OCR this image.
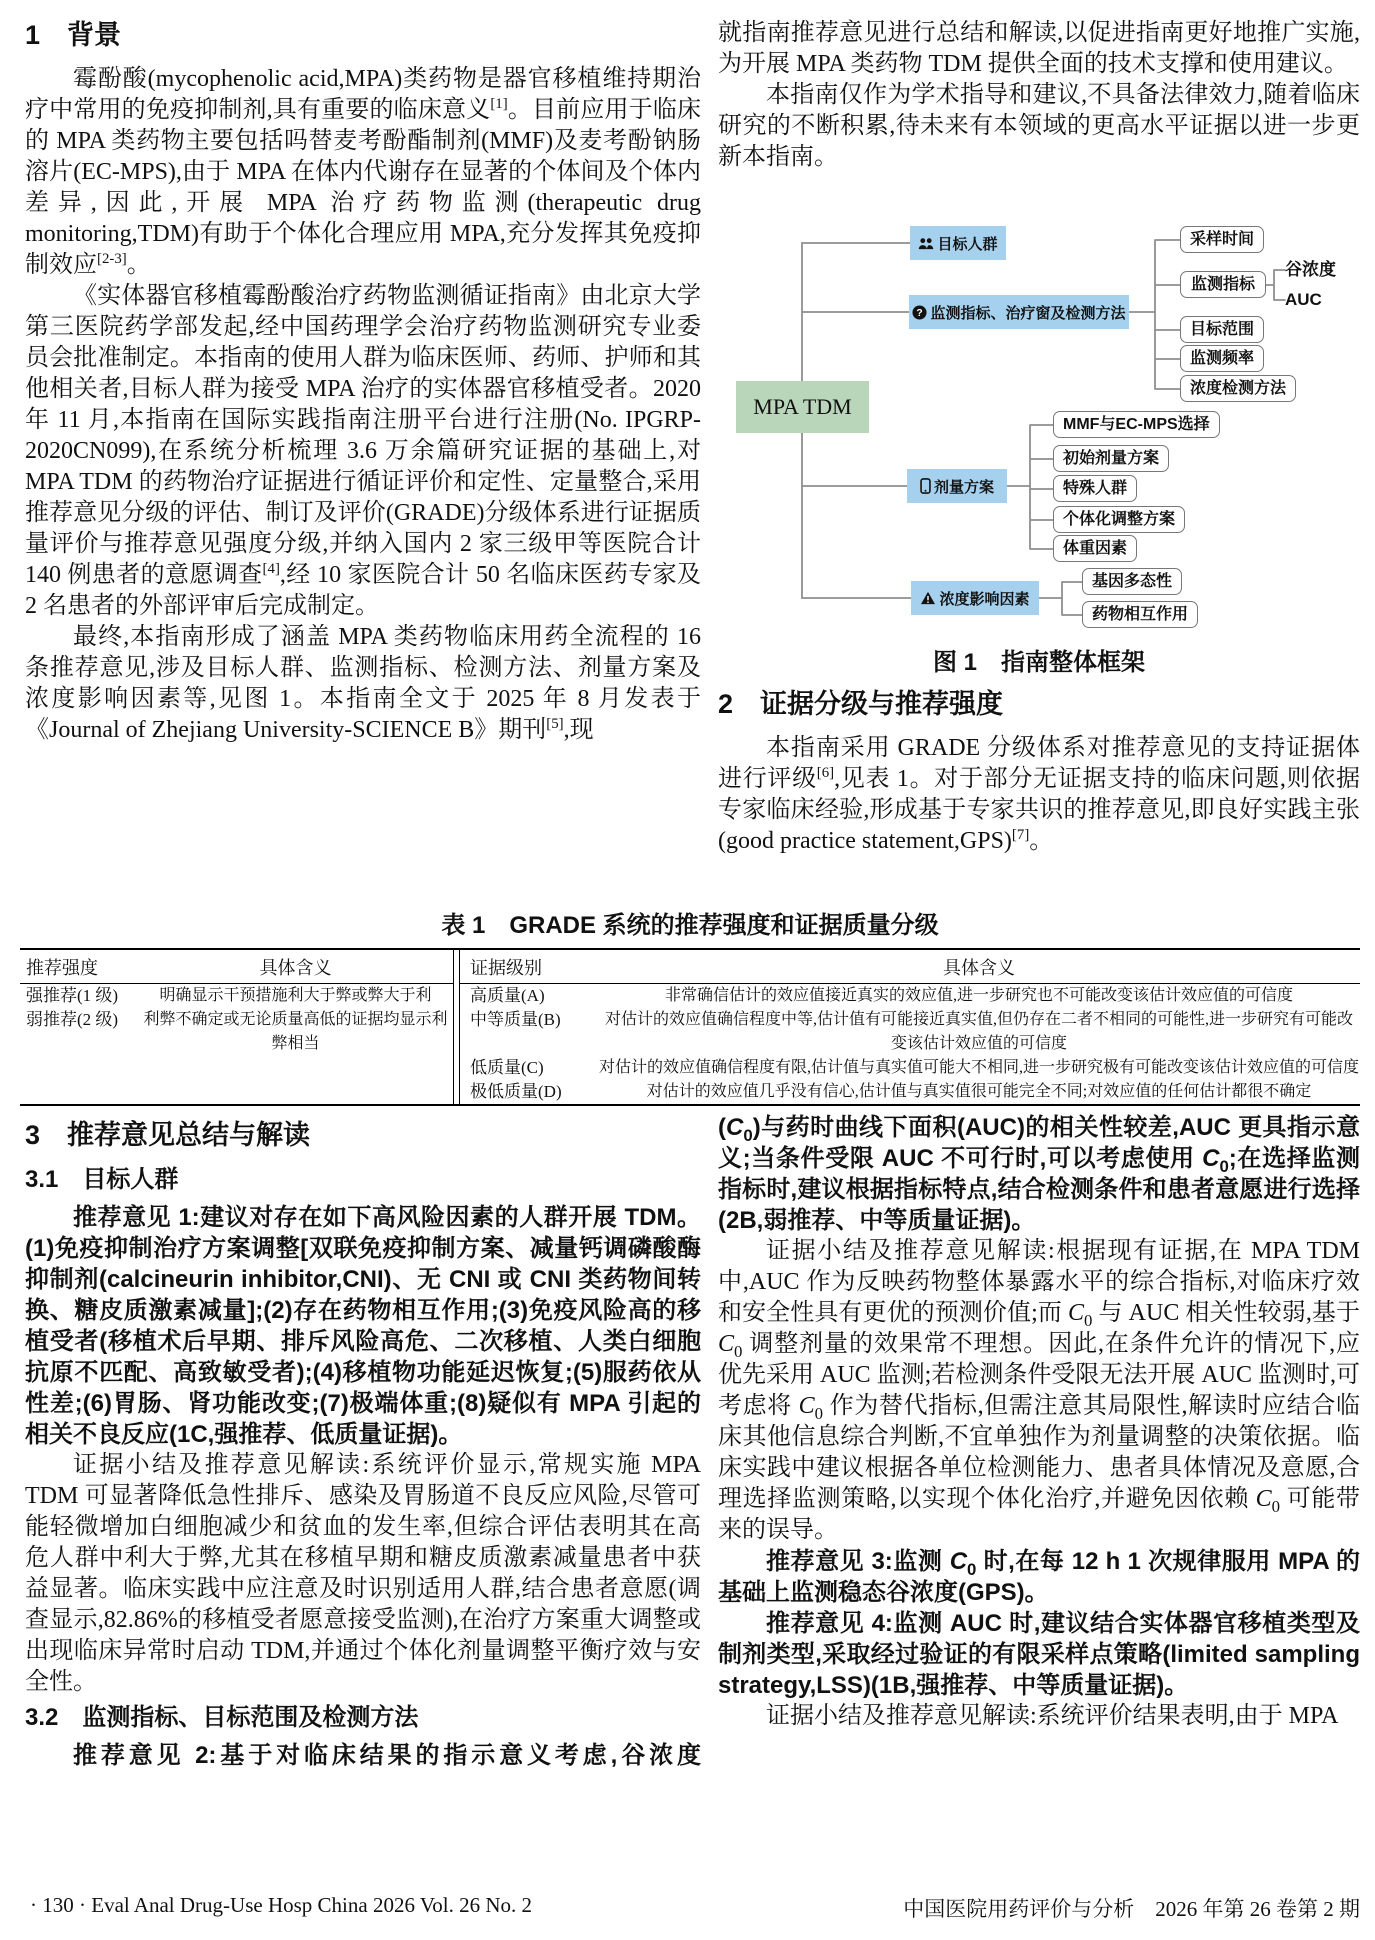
1　背景

霉酚酸(mycophenolic acid,MPA)类药物是器官移植维持期治疗中常用的免疫抑制剂,具有重要的临床意义[1]。目前应用于临床的 MPA 类药物主要包括吗替麦考酚酯制剂(MMF)及麦考酚钠肠溶片(EC-MPS),由于 MPA 在体内代谢存在显著的个体间及个体内差异,因此,开展 MPA 治疗药物监测(therapeutic drug monitoring,TDM)有助于个体化合理应用 MPA,充分发挥其免疫抑制效应[2-3]。

《实体器官移植霉酚酸治疗药物监测循证指南》由北京大学第三医院药学部发起,经中国药理学会治疗药物监测研究专业委员会批准制定。本指南的使用人群为临床医师、药师、护师和其他相关者,目标人群为接受 MPA 治疗的实体器官移植受者。2020 年 11 月,本指南在国际实践指南注册平台进行注册(No. IPGRP-2020CN099),在系统分析梳理 3.6 万余篇研究证据的基础上,对 MPA TDM 的药物治疗证据进行循证评价和定性、定量整合,采用推荐意见分级的评估、制订及评价(GRADE)分级体系进行证据质量评价与推荐意见强度分级,并纳入国内 2 家三级甲等医院合计 140 例患者的意愿调查[4],经 10 家医院合计 50 名临床医药专家及 2 名患者的外部评审后完成制定。

最终,本指南形成了涵盖 MPA 类药物临床用药全流程的 16 条推荐意见,涉及目标人群、监测指标、检测方法、剂量方案及浓度影响因素等,见图 1。本指南全文于 2025 年 8 月发表于《Journal of Zhejiang University-SCIENCE B》期刊[5],现

就指南推荐意见进行总结和解读,以促进指南更好地推广实施,为开展 MPA 类药物 TDM 提供全面的技术支撑和使用建议。

本指南仅作为学术指导和建议,不具备法律效力,随着临床研究的不断积累,待未来有本领域的更高水平证据以进一步更新本指南。

MPA TDM
目标人群
? 监测指标、治疗窗及检测方法
剂量方案
浓度影响因素
采样时间
监测指标
目标范围
监测频率
浓度检测方法
谷浓度
AUC
MMF与EC-MPS选择
初始剂量方案
特殊人群
个体化调整方案
体重因素
基因多态性
药物相互作用
图 1　指南整体框架
2　证据分级与推荐强度

本指南采用 GRADE 分级体系对推荐意见的支持证据体进行评级[6],见表 1。对于部分无证据支持的临床问题,则依据专家临床经验,形成基于专家共识的推荐意见,即良好实践主张(good practice statement,GPS)[7]。

表 1　GRADE 系统的推荐强度和证据质量分级
推荐强度	具体含义
强推荐(1 级)	明确显示干预措施利大于弊或弊大于利
弱推荐(2 级)	利弊不确定或无论质量高低的证据均显示利弊相当
证据级别	具体含义
高质量(A)	非常确信估计的效应值接近真实的效应值,进一步研究也不可能改变该估计效应值的可信度
中等质量(B)	对估计的效应值确信程度中等,估计值有可能接近真实值,但仍存在二者不相同的可能性,进一步研究有可能改变该估计效应值的可信度
低质量(C)	对估计的效应值确信程度有限,估计值与真实值可能大不相同,进一步研究极有可能改变该估计效应值的可信度
极低质量(D)	对估计的效应值几乎没有信心,估计值与真实值很可能完全不同;对效应值的任何估计都很不确定
3　推荐意见总结与解读
3.1　目标人群

推荐意见 1:建议对存在如下高风险因素的人群开展 TDM。(1)免疫抑制治疗方案调整[双联免疫抑制方案、减量钙调磷酸酶抑制剂(calcineurin inhibitor,CNI)、无 CNI 或 CNI 类药物间转换、糖皮质激素减量];(2)存在药物相互作用;(3)免疫风险高的移植受者(移植术后早期、排斥风险高危、二次移植、人类白细胞抗原不匹配、高致敏受者);(4)移植物功能延迟恢复;(5)服药依从性差;(6)胃肠、肾功能改变;(7)极端体重;(8)疑似有 MPA 引起的相关不良反应(1C,强推荐、低质量证据)。

证据小结及推荐意见解读:系统评价显示,常规实施 MPA TDM 可显著降低急性排斥、感染及胃肠道不良反应风险,尽管可能轻微增加白细胞减少和贫血的发生率,但综合评估表明其在高危人群中利大于弊,尤其在移植早期和糖皮质激素减量患者中获益显著。临床实践中应注意及时识别适用人群,结合患者意愿(调查显示,82.86%的移植受者愿意接受监测),在治疗方案重大调整或出现临床异常时启动 TDM,并通过个体化剂量调整平衡疗效与安全性。

3.2　监测指标、目标范围及检测方法

推荐意见 2:基于对临床结果的指示意义考虑,谷浓度

$(C_0)$与药时曲线下面积(AUC)的相关性较差,AUC 更具指示意义;当条件受限 AUC 不可行时,可以考虑使用 $C_0$;在选择监测指标时,建议根据指标特点,结合检测条件和患者意愿进行选择(2B,弱推荐、中等质量证据)。

证据小结及推荐意见解读:根据现有证据,在 MPA TDM 中,AUC 作为反映药物整体暴露水平的综合指标,对临床疗效和安全性具有更优的预测价值;而 $C_0$ 与 AUC 相关性较弱,基于 $C_0$ 调整剂量的效果常不理想。因此,在条件允许的情况下,应优先采用 AUC 监测;若检测条件受限无法开展 AUC 监测时,可考虑将 $C_0$ 作为替代指标,但需注意其局限性,解读时应结合临床其他信息综合判断,不宜单独作为剂量调整的决策依据。临床实践中建议根据各单位检测能力、患者具体情况及意愿,合理选择监测策略,以实现个体化治疗,并避免因依赖 $C_0$ 可能带来的误导。

推荐意见 3:监测 $C_0$ 时,在每 12 h 1 次规律服用 MPA 的基础上监测稳态谷浓度(GPS)。

推荐意见 4:监测 AUC 时,建议结合实体器官移植类型及制剂类型,采取经过验证的有限采样点策略(limited sampling strategy,LSS)(1B,强推荐、中等质量证据)。

证据小结及推荐意见解读:系统评价结果表明,由于 MPA

· 130 · Eval Anal Drug-Use Hosp China 2026 Vol. 26 No. 2	中国医院用药评价与分析　2026 年第 26 卷第 2 期
